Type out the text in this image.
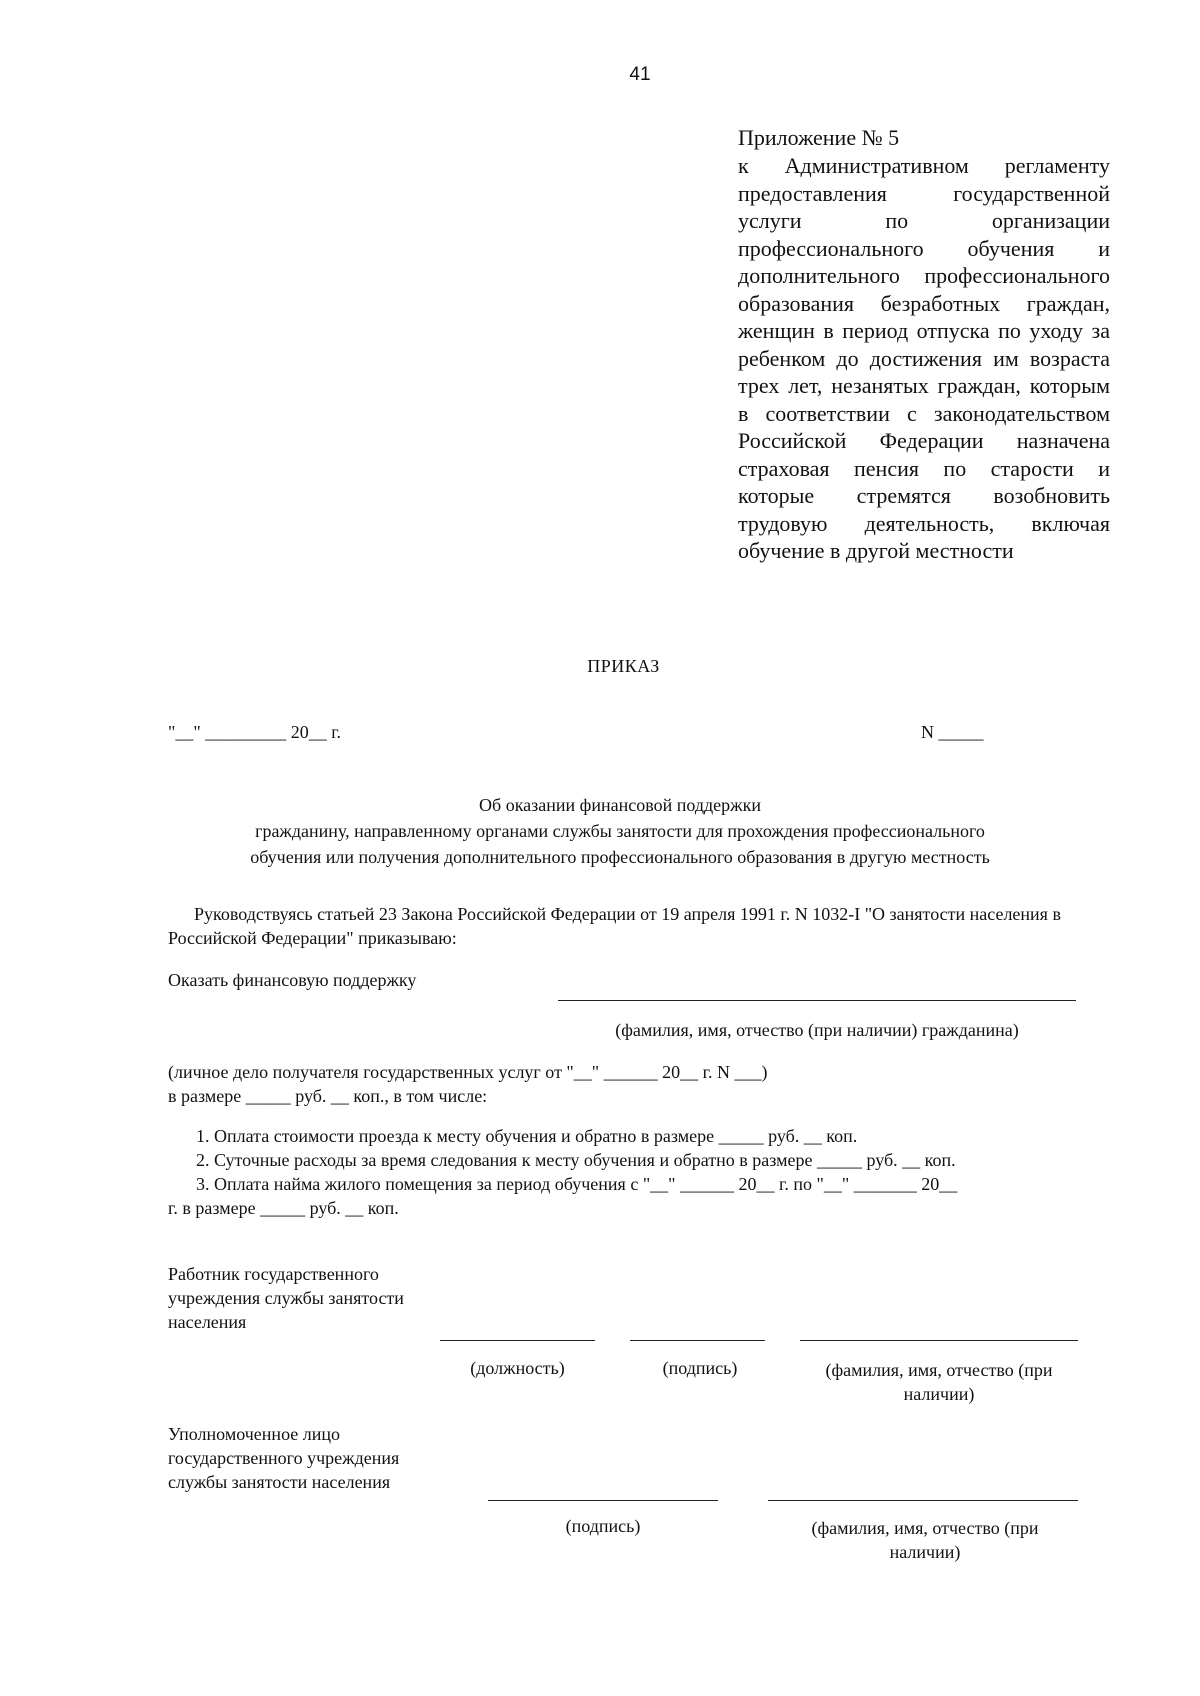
41
Приложение № 5
к Административном регламенту предоставления государственной услуги по организации профессионального обучения и дополнительного профессионального образования безработных граждан, женщин в период отпуска по уходу за ребенком до достижения им возраста трех лет, незанятых граждан, которым в соответствии с законодательством Российской Федерации назначена страховая пенсия по старости и которые стремятся возобновить трудовую деятельность, включая обучение в другой местности
ПРИКАЗ
"__" _________ 20__ г.	N _____
Об оказании финансовой поддержки
гражданину, направленному органами службы занятости для прохождения профессионального
обучения или получения дополнительного профессионального образования в другую местность
Руководствуясь статьей 23 Закона Российской Федерации от 19 апреля 1991 г. N 1032-I "О занятости населения в Российской Федерации" приказываю:
Оказать финансовую поддержку
(фамилия, имя, отчество (при наличии) гражданина)
(личное дело получателя государственных услуг от "__" ______ 20__ г. N ___)
в размере _____ руб. __ коп., в том числе:
1. Оплата стоимости проезда к месту обучения и обратно в размере _____ руб. __ коп.
2. Суточные расходы за время следования к месту обучения и обратно в размере _____ руб. __ коп.
3. Оплата найма жилого помещения за период обучения с "__" ______ 20__ г. по "__" _______ 20__
г. в размере _____ руб. __ коп.
Работник государственного
учреждения службы занятости
населения
(должность)	(подпись)	(фамилия, имя, отчество (при
наличии)
Уполномоченное лицо
государственного учреждения
службы занятости населения
(подпись)	(фамилия, имя, отчество (при
наличии)
